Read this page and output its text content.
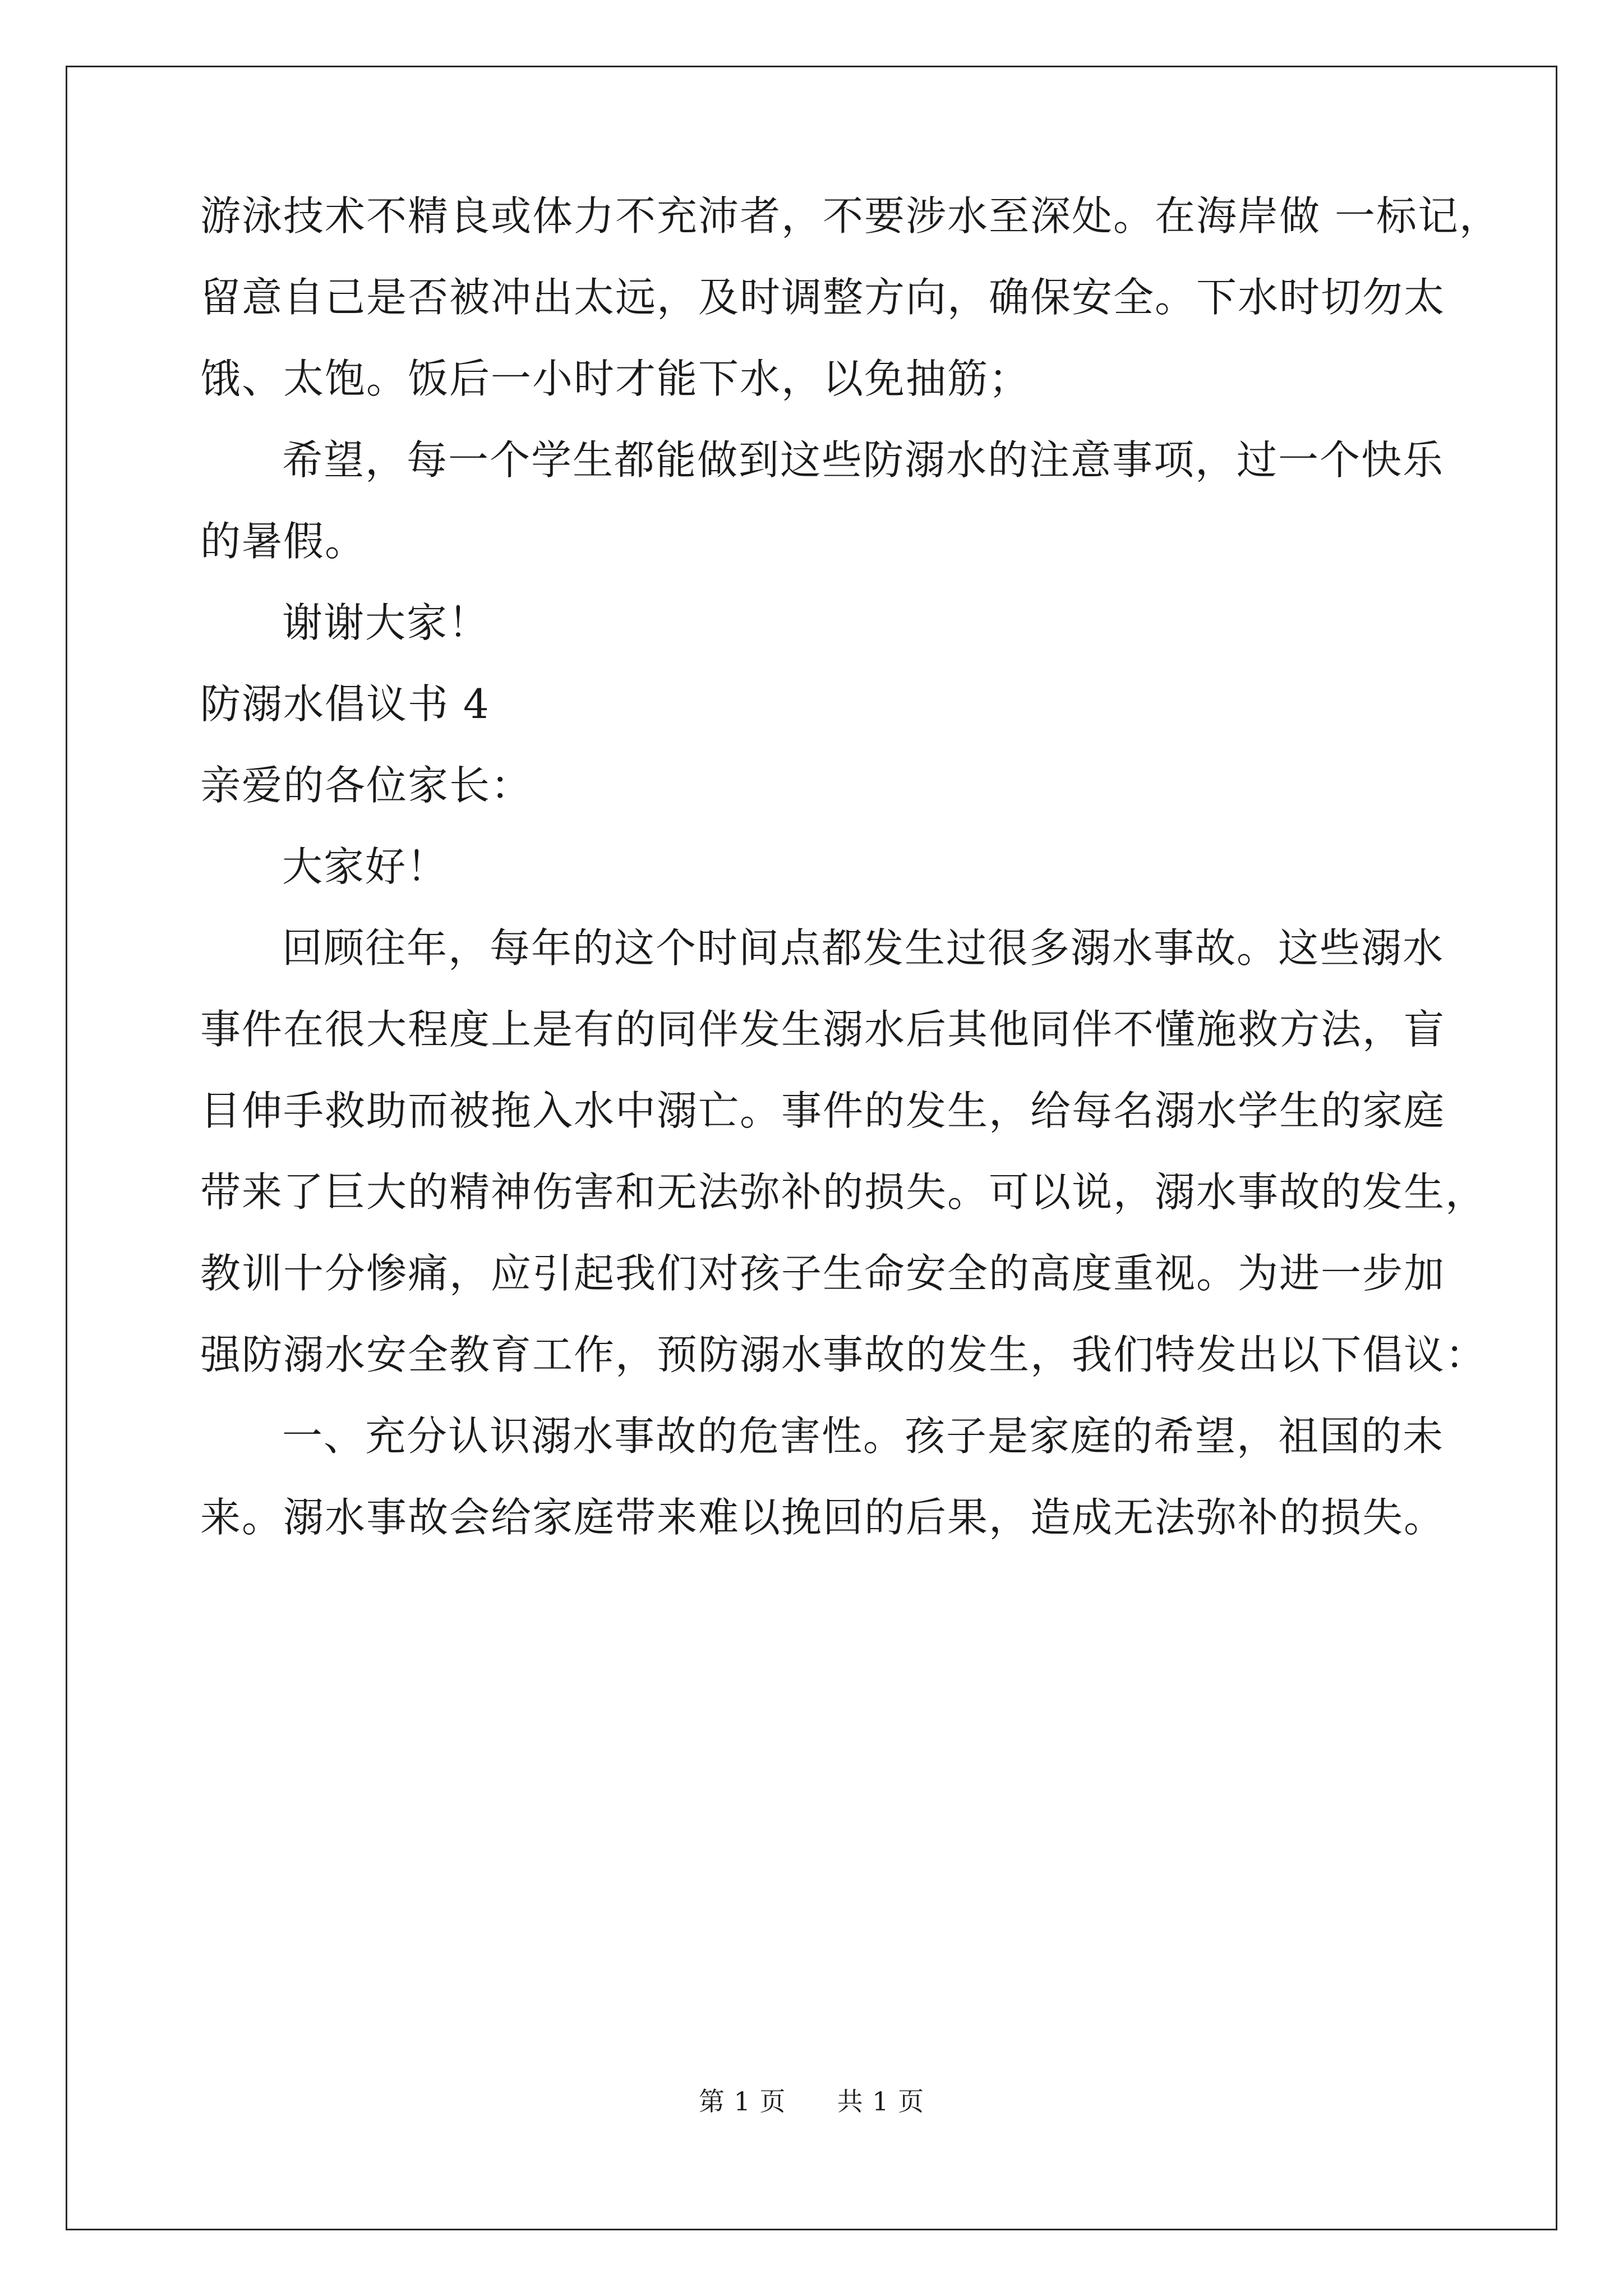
游泳技术不精良或体力不充沛者，不要涉水至深处。在海岸做 一标记，
留意自己是否被冲出太远，及时调整方向，确保安全。下水时切勿太
饿、太饱。饭后一小时才能下水，以免抽筋；
希望，每一个学生都能做到这些防溺水的注意事项，过一个快乐
的暑假。
谢谢大家！
防溺水倡议书 4
亲爱的各位家长：
大家好！
回顾往年，每年的这个时间点都发生过很多溺水事故。这些溺水
事件在很大程度上是有的同伴发生溺水后其他同伴不懂施救方法，盲
目伸手救助而被拖入水中溺亡。事件的发生，给每名溺水学生的家庭
带来了巨大的精神伤害和无法弥补的损失。可以说，溺水事故的发生，
教训十分惨痛，应引起我们对孩子生命安全的高度重视。为进一步加
强防溺水安全教育工作，预防溺水事故的发生，我们特发出以下倡议：
一、充分认识溺水事故的危害性。孩子是家庭的希望，祖国的未
来。溺水事故会给家庭带来难以挽回的后果，造成无法弥补的损失。
第 1 页 共 1 页
